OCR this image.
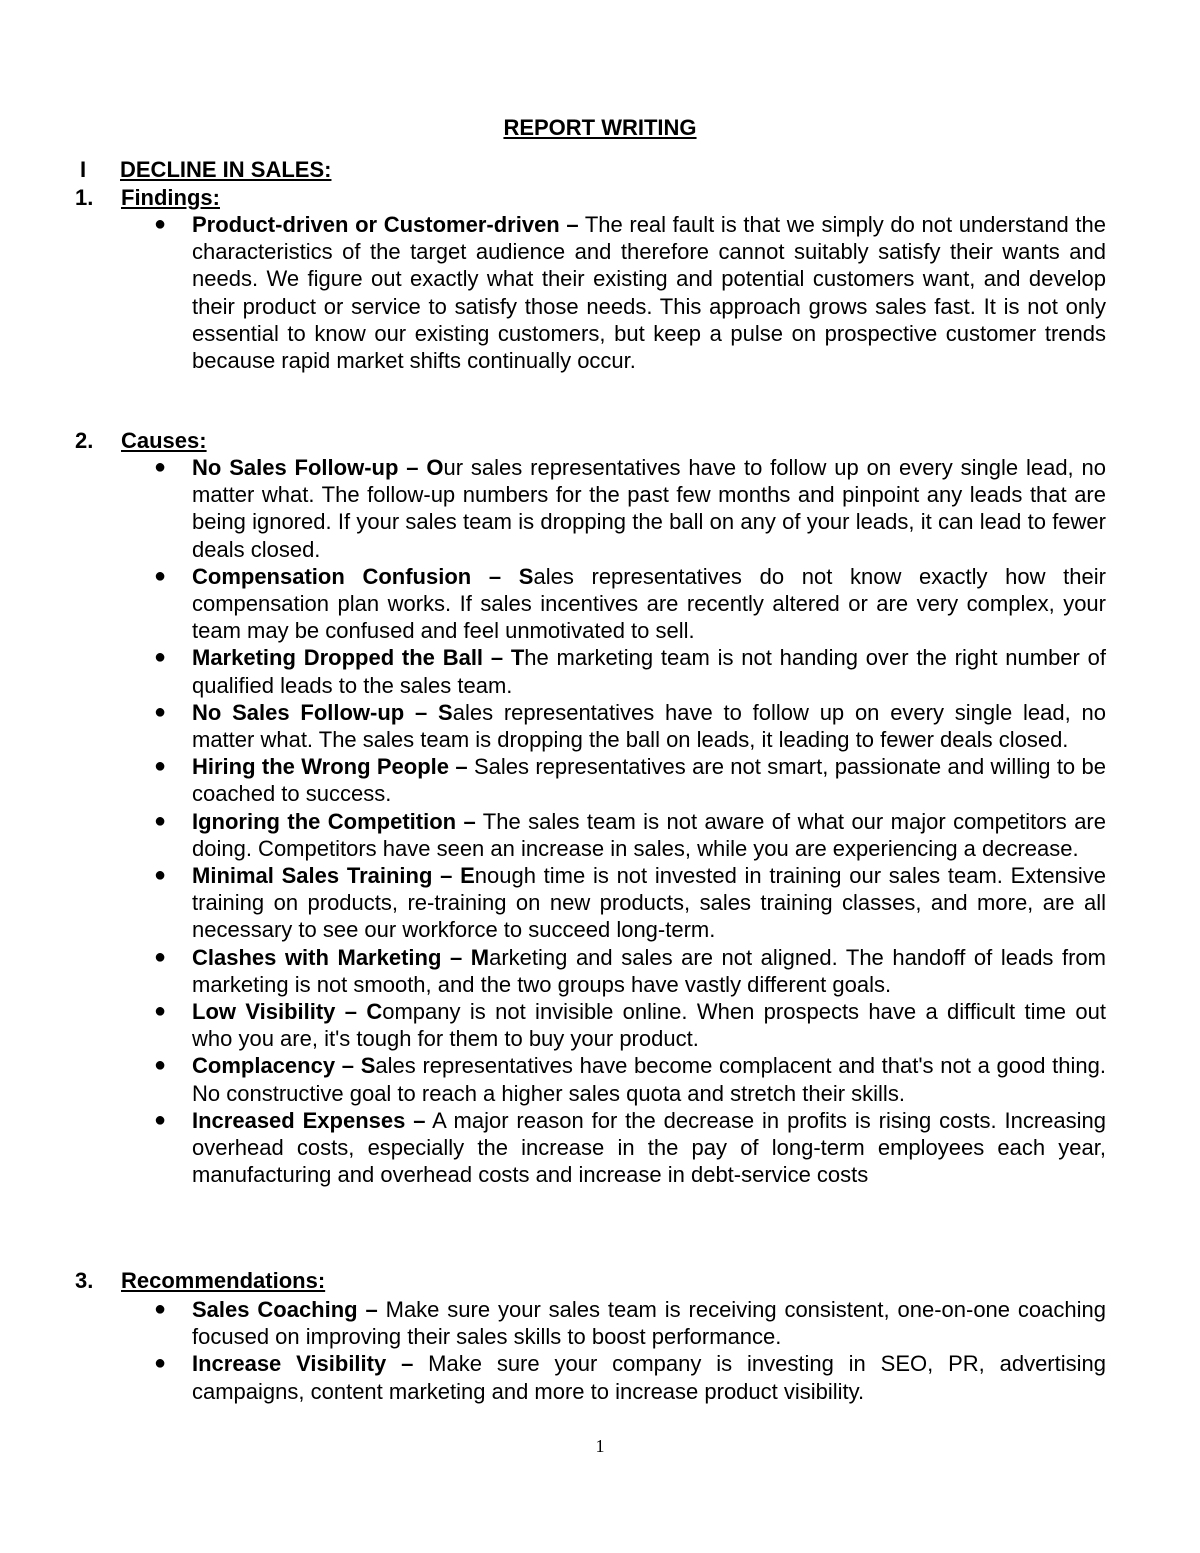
REPORT WRITING
I DECLINE IN SALES:
1. Findings:
● Product-driven or Customer-driven – The real fault is that we simply do not understand the characteristics of the target audience and therefore cannot suitably satisfy their wants and needs. We figure out exactly what their existing and potential customers want, and develop their product or service to satisfy those needs. This approach grows sales fast. It is not only essential to know our existing customers, but keep a pulse on prospective customer trends because rapid market shifts continually occur.
2. Causes:
● No Sales Follow-up – Our sales representatives have to follow up on every single lead, no matter what. The follow-up numbers for the past few months and pinpoint any leads that are being ignored. If your sales team is dropping the ball on any of your leads, it can lead to fewer deals closed.
● Compensation Confusion – Sales representatives do not know exactly how their compensation plan works. If sales incentives are recently altered or are very complex, your team may be confused and feel unmotivated to sell.
● Marketing Dropped the Ball – The marketing team is not handing over the right number of qualified leads to the sales team.
● No Sales Follow-up – Sales representatives have to follow up on every single lead, no matter what. The sales team is dropping the ball on leads, it leading to fewer deals closed.
● Hiring the Wrong People – Sales representatives are not smart, passionate and willing to be coached to success.
● Ignoring the Competition – The sales team is not aware of what our major competitors are doing. Competitors have seen an increase in sales, while you are experiencing a decrease.
● Minimal Sales Training – Enough time is not invested in training our sales team. Extensive training on products, re-training on new products, sales training classes, and more, are all necessary to see our workforce to succeed long-term.
● Clashes with Marketing – Marketing and sales are not aligned. The handoff of leads from marketing is not smooth, and the two groups have vastly different goals.
● Low Visibility – Company is not invisible online. When prospects have a difficult time out who you are, it's tough for them to buy your product.
● Complacency – Sales representatives have become complacent and that's not a good thing. No constructive goal to reach a higher sales quota and stretch their skills.
● Increased Expenses – A major reason for the decrease in profits is rising costs. Increasing overhead costs, especially the increase in the pay of long-term employees each year, manufacturing and overhead costs and increase in debt-service costs
3. Recommendations:
● Sales Coaching – Make sure your sales team is receiving consistent, one-on-one coaching focused on improving their sales skills to boost performance.
● Increase Visibility – Make sure your company is investing in SEO, PR, advertising campaigns, content marketing and more to increase product visibility.
1
